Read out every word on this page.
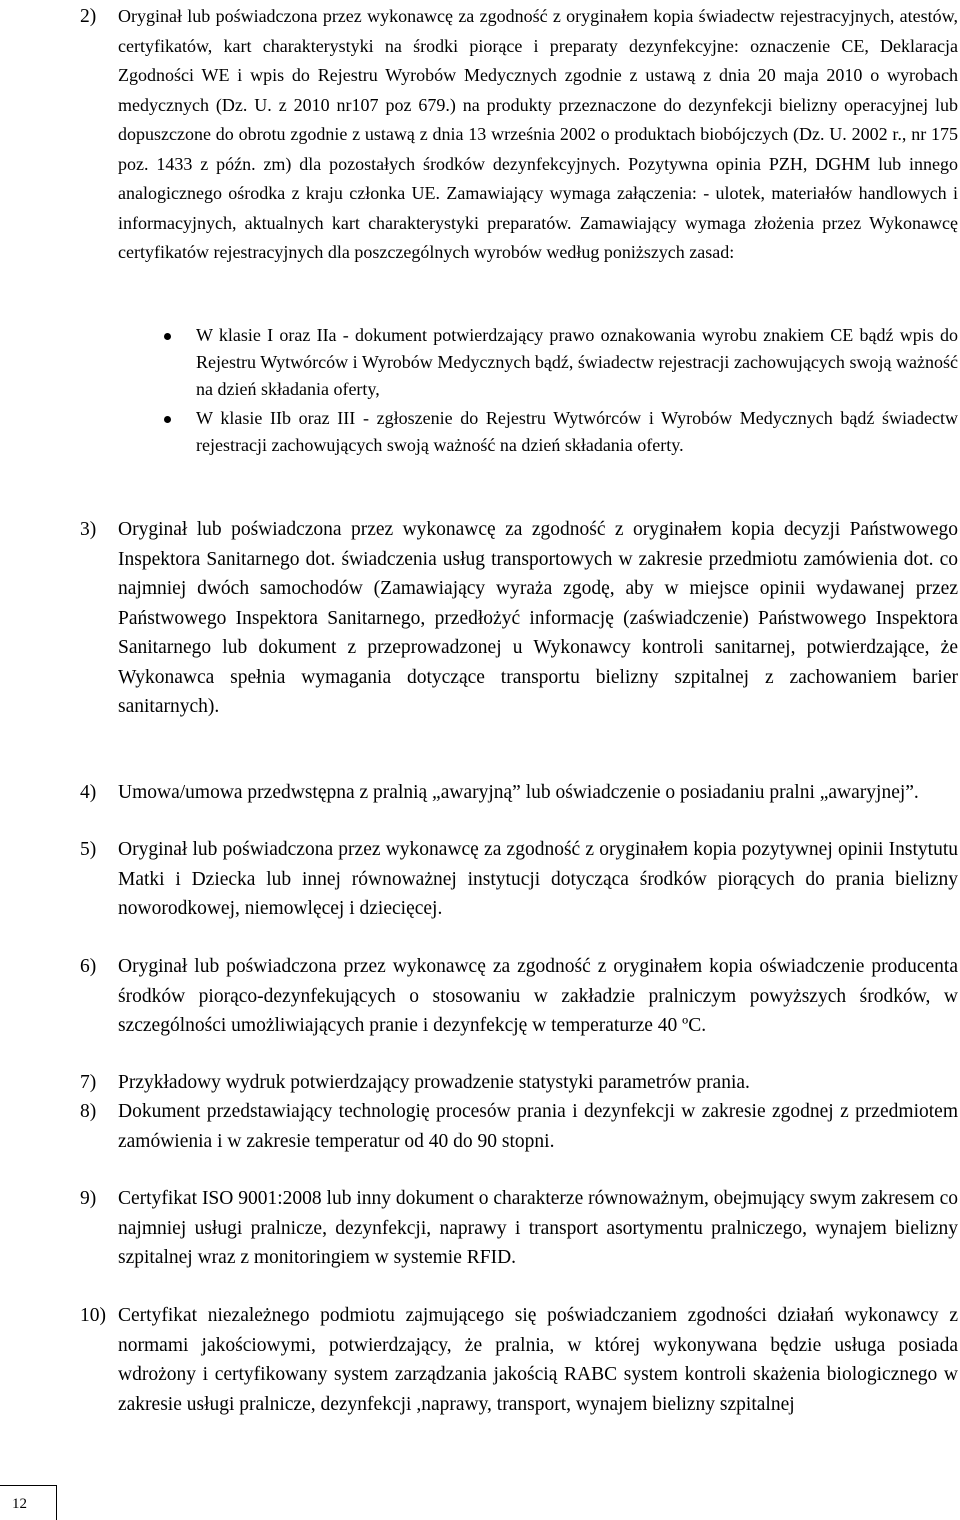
2) Oryginał lub poświadczona przez wykonawcę za zgodność z oryginałem kopia świadectw rejestracyjnych, atestów, certyfikatów, kart charakterystyki na środki piorące i preparaty dezynfekcyjne: oznaczenie CE, Deklaracja Zgodności WE i wpis do Rejestru Wyrobów Medycznych zgodnie z ustawą z dnia 20 maja 2010 o wyrobach medycznych (Dz. U. z 2010 nr107 poz 679.) na produkty przeznaczone do dezynfekcji bielizny operacyjnej lub dopuszczone do obrotu zgodnie z ustawą z dnia 13 września 2002 o produktach biobójczych (Dz. U. 2002 r., nr 175 poz. 1433 z późn. zm) dla pozostałych środków dezynfekcyjnych. Pozytywna opinia PZH, DGHM lub innego analogicznego ośrodka z kraju członka UE. Zamawiający wymaga załączenia: - ulotek, materiałów handlowych i informacyjnych, aktualnych kart charakterystyki preparatów. Zamawiający wymaga złożenia przez Wykonawcę certyfikatów rejestracyjnych dla poszczególnych wyrobów według poniższych zasad:
W klasie I oraz IIa - dokument potwierdzający prawo oznakowania wyrobu znakiem CE bądź wpis do Rejestru Wytwórców i Wyrobów Medycznych bądź, świadectw rejestracji zachowujących swoją ważność na dzień składania oferty,
W klasie IIb oraz III - zgłoszenie do Rejestru Wytwórców i Wyrobów Medycznych bądź świadectw rejestracji zachowujących swoją ważność na dzień składania oferty.
3) Oryginał lub poświadczona przez wykonawcę za zgodność z oryginałem kopia decyzji Państwowego Inspektora Sanitarnego dot. świadczenia usług transportowych w zakresie przedmiotu zamówienia dot. co najmniej dwóch samochodów (Zamawiający wyraża zgodę, aby w miejsce opinii wydawanej przez Państwowego Inspektora Sanitarnego, przedłożyć informację (zaświadczenie) Państwowego Inspektora Sanitarnego lub dokument z przeprowadzonej u Wykonawcy kontroli sanitarnej, potwierdzające, że Wykonawca spełnia wymagania dotyczące transportu bielizny szpitalnej z zachowaniem barier sanitarnych).
4) Umowa/umowa przedwstępna z pralnią „awaryjną” lub oświadczenie o posiadaniu pralni „awaryjnej”.
5) Oryginał lub poświadczona przez wykonawcę za zgodność z oryginałem kopia pozytywnej opinii Instytutu Matki i Dziecka lub innej równoważnej instytucji dotycząca środków piorących do prania bielizny noworodkowej, niemowlęcej i dziecięcej.
6) Oryginał lub poświadczona przez wykonawcę za zgodność z oryginałem kopia oświadczenie producenta środków piorąco-dezynfekujących o stosowaniu w zakładzie pralniczym powyższych środków, w szczególności umożliwiających pranie i dezynfekcję w temperaturze 40 ºC.
7) Przykładowy wydruk potwierdzający prowadzenie statystyki parametrów prania.
8) Dokument przedstawiający technologię procesów prania i dezynfekcji w zakresie zgodnej z przedmiotem zamówienia i w zakresie temperatur od 40 do 90 stopni.
9) Certyfikat ISO 9001:2008 lub inny dokument o charakterze równoważnym, obejmujący swym zakresem co najmniej usługi pralnicze, dezynfekcji, naprawy i transport asortymentu pralniczego, wynajem bielizny szpitalnej wraz z monitoringiem w systemie RFID.
10) Certyfikat niezależnego podmiotu zajmującego się poświadczaniem zgodności działań wykonawcy z normami jakościowymi, potwierdzający, że pralnia, w której wykonywana będzie usługa posiada wdrożony i certyfikowany system zarządzania jakością RABC system kontroli skażenia biologicznego w zakresie usługi pralnicze, dezynfekcji ,naprawy, transport, wynajem bielizny szpitalnej
12
